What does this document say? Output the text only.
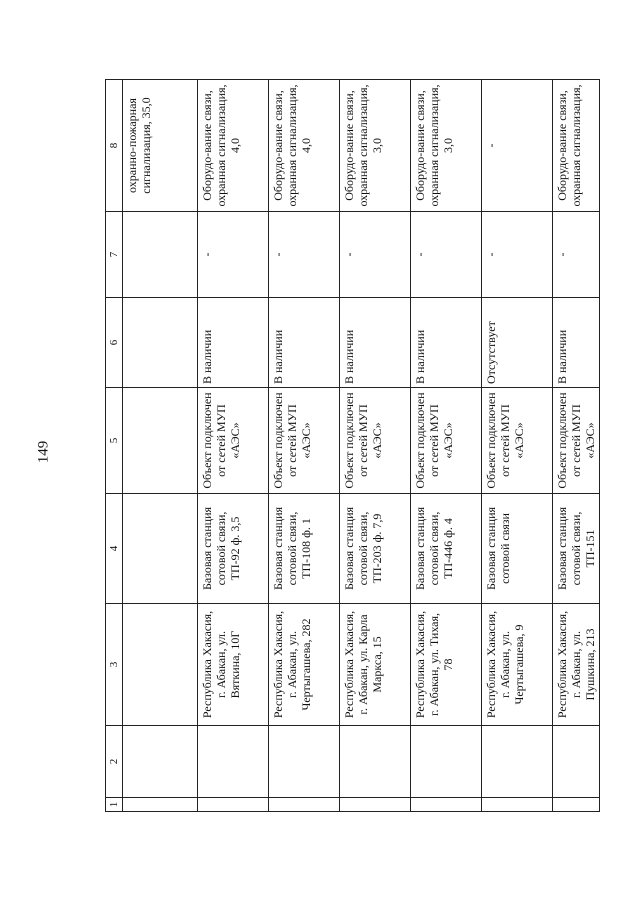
149
1	2	3	4	5	6	7	8
							охранно-пожарная сигнализация, 35,0
		Республика Хакасия, г. Абакан, ул. Вяткина, 10Г	Базовая станция сотовой связи, ТП-92 ф. 3,5	Объект подключен от сетей МУП «АЭС»	В наличии	-	Оборудо-вание связи, охранная сигнализация, 4,0
		Республика Хакасия, г. Абакан, ул. Чертыгашева, 282	Базовая станция сотовой связи, ТП-108 ф. 1	Объект подключен от сетей МУП «АЭС»	В наличии	-	Оборудо-вание связи, охранная сигнализация, 4,0
		Республика Хакасия, г. Абакан, ул. Карла Маркса, 15	Базовая станция сотовой связи, ТП-203 ф. 7,9	Объект подключен от сетей МУП «АЭС»	В наличии	-	Оборудо-вание связи, охранная сигнализация, 3,0
		Республика Хакасия, г. Абакан, ул. Тихая, 78	Базовая станция сотовой связи, ТП-446 ф. 4	Объект подключен от сетей МУП «АЭС»	В наличии	-	Оборудо-вание связи, охранная сигнализация, 3,0
		Республика Хакасия, г. Абакан, ул. Чертыгашева, 9	Базовая станция сотовой связи	Объект подключен от сетей МУП «АЭС»	Отсутствует	-	-
		Республика Хакасия, г. Абакан, ул. Пушкина, 213	Базовая станция сотовой связи, ТП-151	Объект подключен от сетей МУП «АЭС»	В наличии	-	Оборудо-вание связи, охранная сигнализация,
